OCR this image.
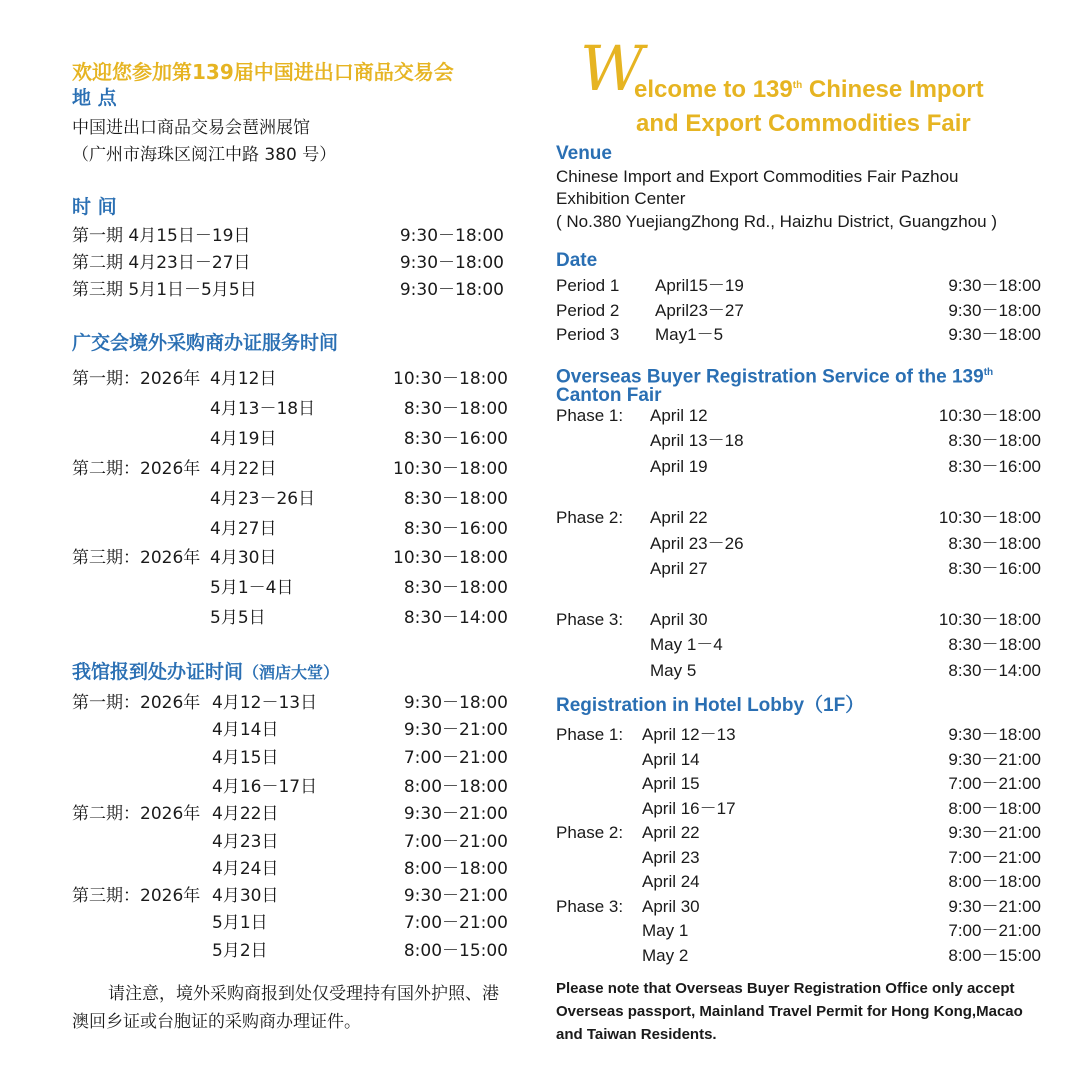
欢迎您参加第139届中国进出口商品交易会
地 点
中国进出口商品交易会琶洲展馆
（广州市海珠区阅江中路 380 号）
时 间
第一期 4月15日－19日	9:30－18:00
第二期 4月23日－27日	9:30－18:00
第三期 5月1日－5月5日	9:30－18:00
广交会境外采购商办证服务时间
第一期：2026年 4月12日	10:30－18:00
4月13－18日	8:30－18:00
4月19日	8:30－16:00
第二期：2026年 4月22日	10:30－18:00
4月23－26日	8:30－18:00
4月27日	8:30－16:00
第三期：2026年 4月30日	10:30－18:00
5月1－4日	8:30－18:00
5月5日	8:30－14:00
我馆报到处办证时间（酒店大堂）
第一期：2026年 4月12－13日	9:30－18:00
4月14日	9:30－21:00
4月15日	7:00－21:00
4月16－17日	8:00－18:00
第二期：2026年 4月22日	9:30－21:00
4月23日	7:00－21:00
4月24日	8:00－18:00
第三期：2026年 4月30日	9:30－21:00
5月1日	7:00－21:00
5月2日	8:00－15:00
请注意，境外采购商报到处仅受理持有国外护照、港澳回乡证或台胞证的采购商办理证件。
W
elcome to 139th Chinese Import
and Export Commodities Fair
Venue
Chinese Import and Export Commodities Fair Pazhou
Exhibition Center
( No.380 YuejiangZhong Rd., Haizhu District, Guangzhou )
Date
Period 1 April15－19	9:30－18:00
Period 2 April23－27	9:30－18:00
Period 3 May1－5	9:30－18:00
Overseas Buyer Registration Service of the 139th
Canton Fair
Phase 1: April 12	10:30－18:00
April 13－18	8:30－18:00
April 19	8:30－16:00
Phase 2: April 22	10:30－18:00
April 23－26	8:30－18:00
April 27	8:30－16:00
Phase 3: April 30	10:30－18:00
May 1－4	8:30－18:00
May 5	8:30－14:00
Registration in Hotel Lobby（1F）
Phase 1: April 12－13	9:30－18:00
April 14	9:30－21:00
April 15	7:00－21:00
April 16－17	8:00－18:00
Phase 2: April 22	9:30－21:00
April 23	7:00－21:00
April 24	8:00－18:00
Phase 3: April 30	9:30－21:00
May 1	7:00－21:00
May 2	8:00－15:00
Please note that Overseas Buyer Registration Office only accept Overseas passport, Mainland Travel Permit for Hong Kong,Macao and Taiwan Residents.
